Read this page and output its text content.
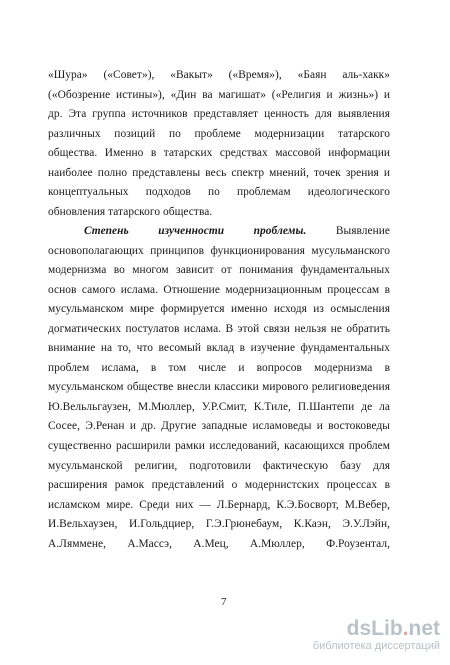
«Шура» («Совет»), «Вакыт» («Время»), «Баян аль-хакк»
(«Обозрение истины»), «Дин ва магишат» («Религия и жизнь») и
др. Эта группа источников представляет ценность для выявления
различных позиций по проблеме модернизации татарского
общества. Именно в татарских средствах массовой информации
наиболее полно представлены весь спектр мнений, точек зрения и
концептуальных подходов по проблемам идеологического
обновления татарского общества.
Степень изученности проблемы.	Выявление
основополагающих принципов функционирования мусульманского
модернизма во многом зависит от понимания фундаментальных
основ самого ислама. Отношение модернизационным процессам в
мусульманском мире формируется именно исходя из осмысления
догматических постулатов ислама. В этой связи нельзя не обратить
внимание на то, что весомый вклад в изучение фундаментальных
проблем ислама, в том числе и вопросов модернизма в
мусульманском обществе внесли классики мирового религиоведения
Ю.Вельльгаузен, М.Мюллер, У.Р.Смит, К.Тиле, П.Шантепи де ла
Сосее, Э.Ренан и др. Другие западные исламоведы и востоковеды
существенно расширили рамки исследований, касающихся проблем
мусульманской религии, подготовили фактическую базу для
расширения рамок представлений о модернистских процессах в
исламском мире. Среди них — Л.Бернард, К.Э.Босворт, М.Вебер,
И.Вельхаузен, И.Гольдциер, Г.Э.Грюнебаум, К.Каэн, Э.У.Лэйн,
А.Ляммене, А.Массэ, А.Мец, А.Мюллер, Ф.Роузентал,
7
dsLib.net
библиотека диссертаций
